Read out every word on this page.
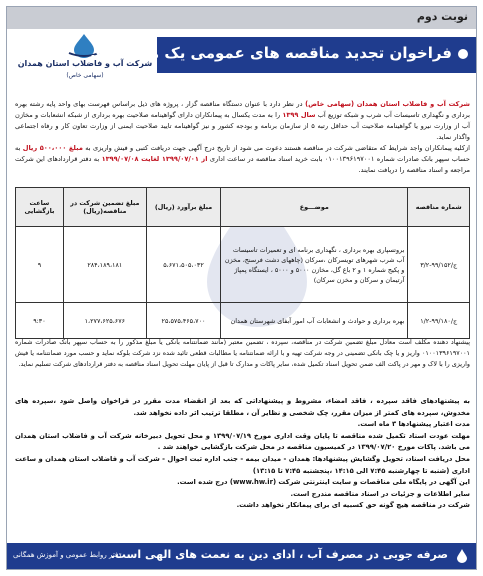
نوبت دوم
شرکت آب و فاضلاب استان همدان
(سهامی خاص)
فراخوان تجدید مناقصه های عمومی یک مرحله ای
شرکت آب و فاضلاب استان همدان (سهامی خاص) در نظر دارد با عنوان دستگاه مناقصه گزار ، پروژه های ذیل براساس فهرست بهای واحد پایه رشته بهره برداری و نگهداری تاسیسات آب شرب و شبکه توزیع آب سال ۱۳۹۹ را به مدت یکسال به پیمانکاران دارای گواهینامه صلاحیت بهره برداری از شبکه انشعابات و مخازن آب از وزارت نیرو یا گواهینامه صلاحیت آب حداقل رتبه ۵ از سازمان برنامه و بودجه کشور و نیز گواهینامه تایید صلاحیت ایمنی از وزارت تعاون کار و رفاه اجتماعی واگذار نماید.
ازکلیه پیمانکاران واجد شرایط که متقاضی شرکت در مناقصه هستند دعوت می شود از تاریخ درج آگهی جهت دریافت کتبی و فیش واریزی به مبلغ ۵۰۰،۰۰۰ ریال به حساب سپهر بانک صادرات شماره ۰۱۰۰۱۳۹۶۱۹۷۰۰۱ بابت خرید اسناد مناقصه در ساعت اداری از ۱۳۹۹/۰۷/۰۱ لغایت ۱۳۹۹/۰۷/۰۸ به دفتر قراردادهای این شرکت مراجعه و اسناد مناقصه را دریافت نمایند.
شماره مناقصه	موضـــوع	مبلغ برآورد (ریال)	مبلغ تضمین شرکت در مناقصه(ریال)	ساعت بازگشایی
ج/۹۹/۱۵۲-۳/۲	بروتسپاری بهره برداری ، نگهداری برنامه ای و تعمیرات تاسیسات آب شرب شهرهای تویسرکان ،سرکان (چاههای دشت فرسنج، مخزن و پکیج شماره ۱ و ۲ باغ گل، مخازن ۵۰۰۰ و ۵۰۰۰ ، ایستگاه پمپاژ آرتیمان و سرکان و مخزن سرکان)	۵،۶۷۱،۵۰۵،۰۳۲	۲۸۴،۱۸۹،۱۸۱	۹
ج/۹۹/۱۸۰-۱/۲	بهره برداری و حوادث و انشعابات آب امور آبفای شهرستان همدان	۲۵،۵۷۵،۴۶۵،۷۰۰	۱،۲۷۷،۶۲۵،۶۷۶	۹:۳۰
پیشنهاد دهنده مکلف است معادل مبلغ تضمین شرکت در مناقصه، سپرده ، تضمین معتبر (مانند ضمانتنامه بانکی یا مبلغ مذکور را به حساب سپهر بانک صادرات شماره ۰۱۰۰۱۳۹۶۱۹۷۰۰۱ واریز و یا چک بانکی تضمینی در وجه شرکت تهیه و با ارائه ضمانتنامه یا مطالبات قطعی تائید شده نزد شرکت بلوکه نماید و حسب مورد ضمانتنامه یا فیش واریزی را با لاک و مهر در پاکت الف ضمن تحویل اسناد تکمیل شده، سایر پاکات و مدارک تا قبل از پایان مهلت تحویل اسناد مناقصه به دفتر قراردادهای شرکت تسلیم نماید.
به پیشنهادهای فاقد سپرده ، فاقد امضاء، مشروط و پیشنهاداتی که بعد از انقضاء مدت مقرر در فراخوان واصل شود ،سپرده های مخدوش، سپرده های کمتر از میزان مقرر، چک شخصی و نظایر آن ، مطلقا ترتیب اثر داده نخواهد شد.
مدت اعتبار پیشنهادها ۳ ماه است.
مهلت عودت اسناد تکمیل شده مناقصه تا پایان وقت اداری مورخ ۱۳۹۹/۰۷/۱۹ و محل تحویل دبیرخانه شرکت آب و فاضلاب استان همدان می باشد. پاکات مورخ ۱۳۹۹/۰۷/۲۰ در کمیسیون مناقصه در محل شرکت بازگشایی خواهند شد .
محل دریافت اسناد، تحویل وگشایش پیشنهادها: همدان - میدان بیمه - جنب اداره ثبت احوال - شرکت آب و فاضلاب استان همدان و ساعت اداری (شنبه تا چهارشنبه ۷:۴۵ الی ۱۴:۱۵ ،پنجشنبه ۷:۴۵ تا ۱۳:۱۵)
این آگهی در پایگاه ملی مناقصات و سایت اینترنتی شرکت (www.hw.ir) درج شده است.
سایر اطلاعات و جزئیات در اسناد مناقصه مندرج است.
شرکت در مناقصه هیچ گونه حق کسبیه ای برای پیمانکار نخواهد داشت.
صرفه جویی در مصرف آب ، ادای دین به نعمت های الهی است.
دفتر روابط عمومی و آموزش همگانی
